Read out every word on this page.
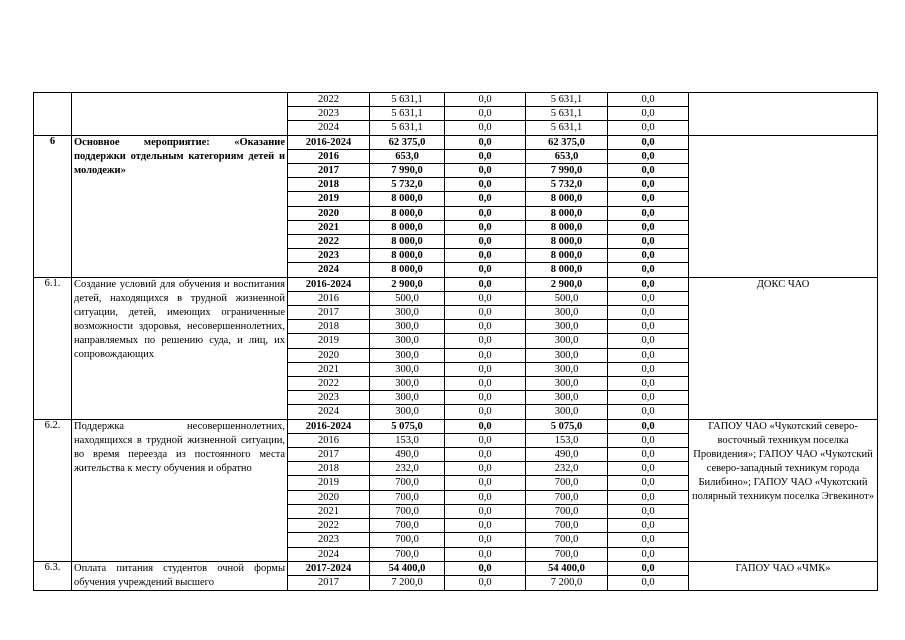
		2022	5 631,1	0,0	5 631,1	0,0	
		2023	5 631,1	0,0	5 631,1	0,0	
		2024	5 631,1	0,0	5 631,1	0,0	
6	Основное мероприятие: «Оказание поддержки отдельным категориям детей и молодежи»	2016-2024	62 375,0	0,0	62 375,0	0,0	
		2016	653,0	0,0	653,0	0,0	
		2017	7 990,0	0,0	7 990,0	0,0	
		2018	5 732,0	0,0	5 732,0	0,0	
		2019	8 000,0	0,0	8 000,0	0,0	
		2020	8 000,0	0,0	8 000,0	0,0	
		2021	8 000,0	0,0	8 000,0	0,0	
		2022	8 000,0	0,0	8 000,0	0,0	
		2023	8 000,0	0,0	8 000,0	0,0	
		2024	8 000,0	0,0	8 000,0	0,0	
6.1.	Создание условий для обучения и воспитания детей, находящихся в трудной жизненной ситуации, детей, имеющих ограниченные возможности здоровья, несовершеннолетних, направляемых по решению суда, и лиц, их сопровождающих	2016-2024	2 900,0	0,0	2 900,0	0,0	ДОКС ЧАО
		2016	500,0	0,0	500,0	0,0	
		2017	300,0	0,0	300,0	0,0	
		2018	300,0	0,0	300,0	0,0	
		2019	300,0	0,0	300,0	0,0	
		2020	300,0	0,0	300,0	0,0	
		2021	300,0	0,0	300,0	0,0	
		2022	300,0	0,0	300,0	0,0	
		2023	300,0	0,0	300,0	0,0	
		2024	300,0	0,0	300,0	0,0	
6.2.	Поддержка несовершеннолетних, находящихся в трудной жизненной ситуации, во время переезда из постоянного места жительства к месту обучения и обратно	2016-2024	5 075,0	0,0	5 075,0	0,0	ГАПОУ ЧАО «Чукотский северо-восточный техникум поселка Провидения»; ГАПОУ ЧАО «Чукотский северо-западный техникум города Билибино»; ГАПОУ ЧАО «Чукотский полярный техникум поселка Эгвекинот»
		2016	153,0	0,0	153,0	0,0	
		2017	490,0	0,0	490,0	0,0	
		2018	232,0	0,0	232,0	0,0	
		2019	700,0	0,0	700,0	0,0	
		2020	700,0	0,0	700,0	0,0	
		2021	700,0	0,0	700,0	0,0	
		2022	700,0	0,0	700,0	0,0	
		2023	700,0	0,0	700,0	0,0	
		2024	700,0	0,0	700,0	0,0	
6.3.	Оплата питания студентов очной формы обучения учреждений высшего	2017-2024	54 400,0	0,0	54 400,0	0,0	ГАПОУ ЧАО «ЧМК»
		2017	7 200,0	0,0	7 200,0	0,0	
